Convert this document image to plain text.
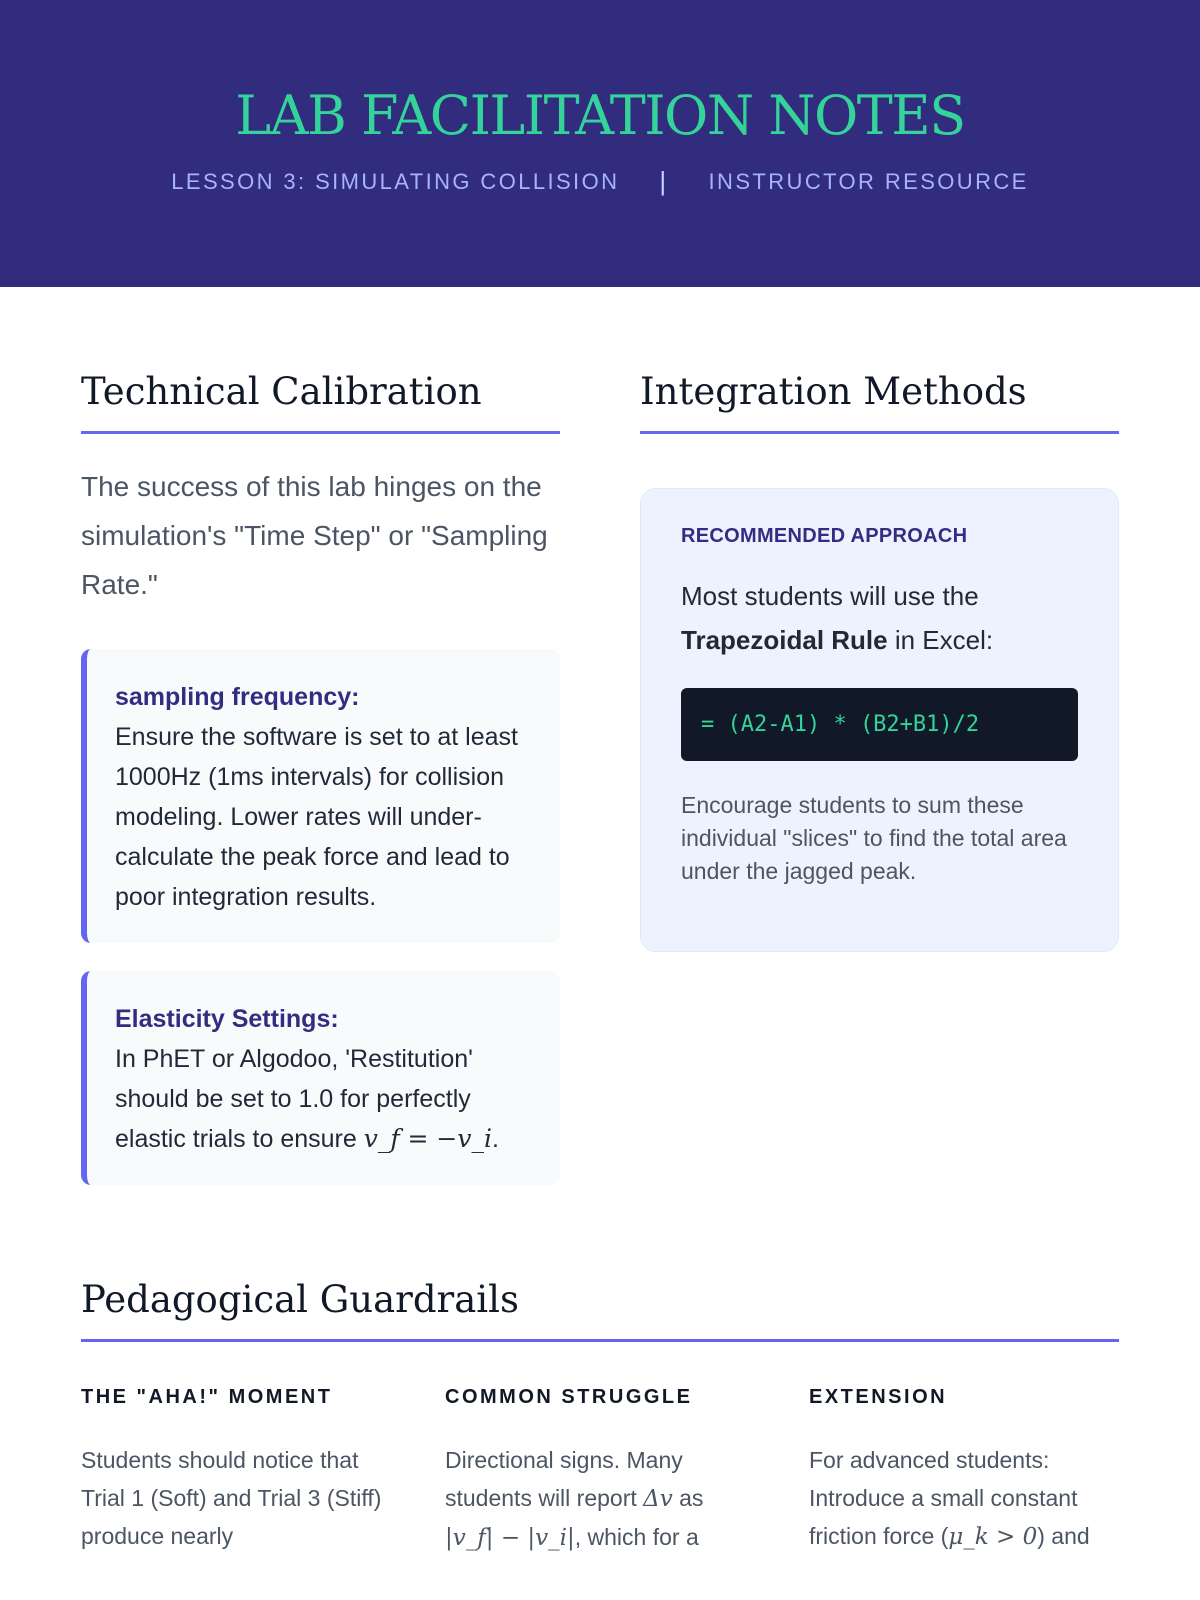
LAB FACILITATION NOTES
LESSON 3: SIMULATING COLLISION | INSTRUCTOR RESOURCE
Technical Calibration

The success of this lab hinges on the simulation's "Time Step" or "Sampling Rate."

sampling frequency:
Ensure the software is set to at least 1000Hz (1ms intervals) for collision modeling. Lower rates will under-calculate the peak force and lead to poor integration results.
Elasticity Settings:
In PhET or Algodoo, 'Restitution' should be set to 1.0 for perfectly elastic trials to ensure v_f = −v_i.
Integration Methods
RECOMMENDED APPROACH

Most students will use the Trapezoidal Rule in Excel:

= (A2-A1) * (B2+B1)/2

Encourage students to sum these individual "slices" to find the total area under the jagged peak.

Pedagogical Guardrails
THE "AHA!" MOMENT

Students should notice that Trial 1 (Soft) and Trial 3 (Stiff) produce nearly

COMMON STRUGGLE

Directional signs. Many students will report Δv as |v_f| − |v_i|, which for a

EXTENSION

For advanced students: Introduce a small constant friction force (μ_k > 0) and
